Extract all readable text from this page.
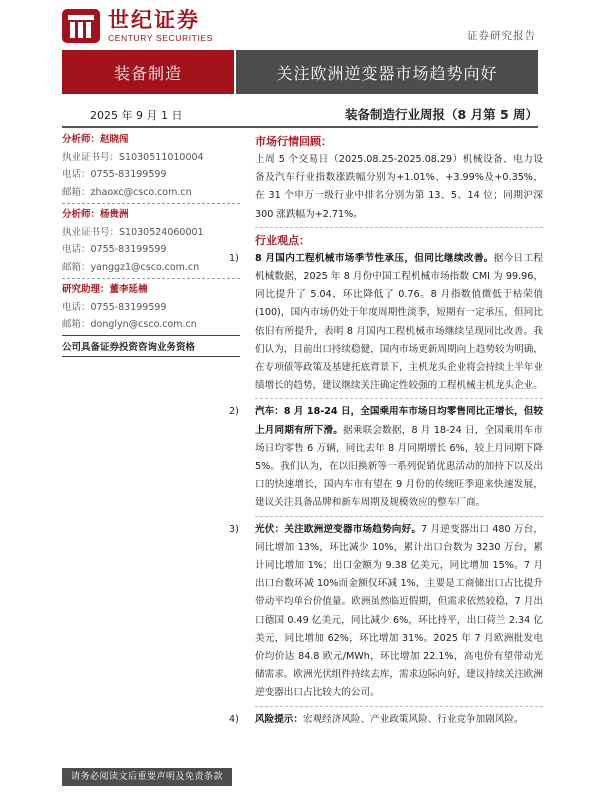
世纪证券
CENTURY SECURITIES	证券研究报告
装备制造	关注欧洲逆变器市场趋势向好
2025 年 9 月 1 日	装备制造行业周报（8 月第 5 周）
分析师：赵晓闯
执业证书号：S1030511010004
电话：0755-83199599
邮箱：zhaoxc@csco.com.cn
分析师：杨贵洲
执业证书号：S1030524060001
电话：0755-83199599
邮箱：yanggz1@csco.com.cn
研究助理：董李延楠
电话：0755-83199599
邮箱：donglyn@csco.com.cn
公司具备证券投资咨询业务资格
市场行情回顾：

上周 5 个交易日（2025.08.25-2025.08.29）机械设备、电力设备及汽车行业指数涨跌幅分别为+1.01%、+3.99%及+0.35%，在 31 个申万一级行业中排名分别为第 13、5、14 位；同期沪深 300 涨跌幅为+2.71%。

行业观点：
1) 8 月国内工程机械市场季节性承压，但同比继续改善。据今日工程机械数据，2025 年 8 月份中国工程机械市场指数 CMI 为 99.96，同比提升了 5.04，环比降低了 0.76。8 月指数值微低于枯荣值(100)，国内市场仍处于年度周期性淡季，短期有一定承压，但同比依旧有所提升，表明 8 月国内工程机械市场继续呈现同比改善。我们认为，目前出口持续稳健，国内市场更新周期向上趋势较为明确，在专项债等政策及基建托底背景下，主机龙头企业将会持续上半年业绩增长的趋势，建议继续关注确定性较强的工程机械主机龙头企业。

2) 汽车：8 月 18-24 日，全国乘用车市场日均零售同比正增长，但较上月同期有所下滑。据乘联会数据，8 月 18-24 日，全国乘用车市场日均零售 6 万辆，同比去年 8 月同期增长 6%，较上月同期下降 5%。我们认为，在以旧换新等一系列促销优惠活动的加持下以及出口的快速增长，国内车市有望在 9 月份的传统旺季迎来快速发展，建议关注具备品牌和新车周期及规模效应的整车厂商。

3) 光伏：关注欧洲逆变器市场趋势向好。7 月逆变器出口 480 万台，同比增加 13%，环比减少 10%，累计出口台数为 3230 万台，累计同比增加 1%；出口金额为 9.38 亿美元，同比增加 15%。7 月出口台数环减 10%而金额仅环减 1%，主要是工商储出口占比提升带动平均单台价值量。欧洲虽然临近假期，但需求依然较稳，7 月出口德国 0.49 亿美元，同比减少 6%，环比持平，出口荷兰 2.34 亿美元，同比增加 62%，环比增加 31%。2025 年 7 月欧洲批发电价均价达 84.8 欧元/MWh，环比增加 22.1%，高电价有望带动光储需求。欧洲光伏组件持续去库，需求边际向好，建议持续关注欧洲逆变器出口占比较大的公司。

4) 风险提示：宏观经济风险、产业政策风险、行业竞争加剧风险。

请务必阅读文后重要声明及免责条款
